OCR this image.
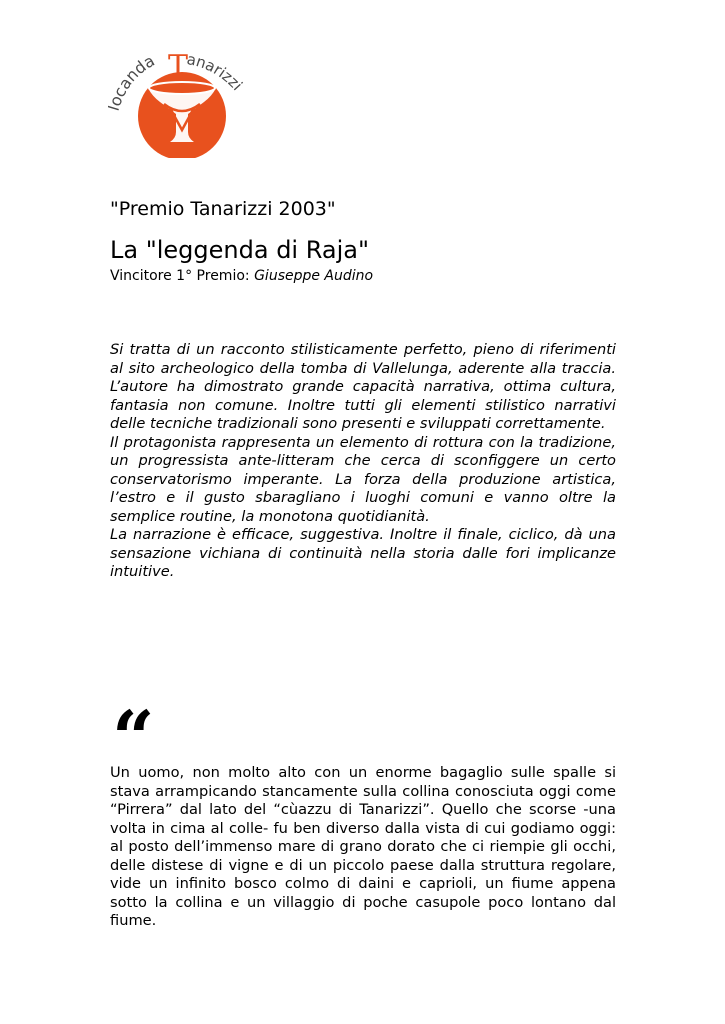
canda T
anarizzi
"Premio Tanarizzi 2003"
La "leggenda di Raja"
Vincitore 1° Premio: Giuseppe Audino

Si tratta di un racconto stilisticamente perfetto, pieno di riferimenti al sito archeologico della tomba di Vallelunga, aderente alla traccia. L’autore ha dimostrato grande capacità narrativa, ottima cultura, fantasia non comune. Inoltre tutti gli elementi stilistico narrativi delle tecniche tradizionali sono presenti e sviluppati correttamente.

Il protagonista rappresenta un elemento di rottura con la tradizione, un progressista ante-litteram che cerca di sconfiggere un certo conservatorismo imperante. La forza della produzione artistica, l’estro e il gusto sbaragliano i luoghi comuni e vanno oltre la semplice routine, la monotona quotidianità.

La narrazione è efficace, suggestiva. Inoltre il finale, ciclico, dà una sensazione vichiana di continuità nella storia dalle fori implicanze intuitive.

“

Un uomo, non molto alto con un enorme bagaglio sulle spalle si stava arrampicando stancamente sulla collina conosciuta oggi come “Pirrera” dal lato del “cùazzu di Tanarizzi”. Quello che scorse -una volta in cima al colle- fu ben diverso dalla vista di cui godiamo oggi: al posto dell’immenso mare di grano dorato che ci riempie gli occhi, delle distese di vigne e di un piccolo paese dalla struttura regolare, vide un infinito bosco colmo di daini e caprioli, un fiume appena sotto la collina e un villaggio di poche casupole poco lontano dal fiume.
